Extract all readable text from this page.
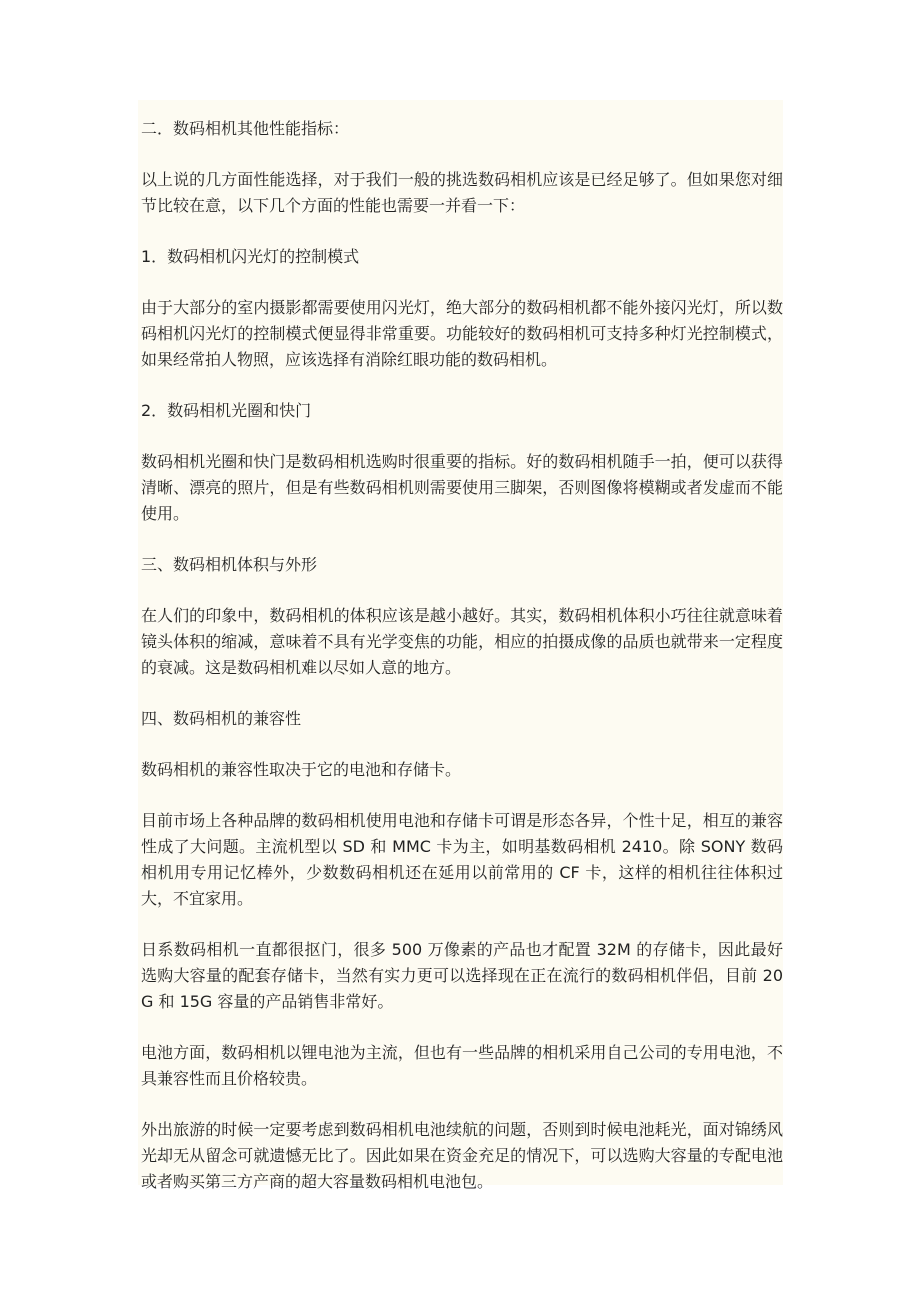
二．数码相机其他性能指标：

以上说的几方面性能选择，对于我们一般的挑选数码相机应该是已经足够了。但如果您对细节比较在意，以下几个方面的性能也需要一并看一下：

1．数码相机闪光灯的控制模式

由于大部分的室内摄影都需要使用闪光灯，绝大部分的数码相机都不能外接闪光灯，所以数码相机闪光灯的控制模式便显得非常重要。功能较好的数码相机可支持多种灯光控制模式，如果经常拍人物照，应该选择有消除红眼功能的数码相机。

2．数码相机光圈和快门

数码相机光圈和快门是数码相机选购时很重要的指标。好的数码相机随手一拍，便可以获得清晰、漂亮的照片，但是有些数码相机则需要使用三脚架，否则图像将模糊或者发虚而不能使用。

三、数码相机体积与外形

在人们的印象中，数码相机的体积应该是越小越好。其实，数码相机体积小巧往往就意味着镜头体积的缩减，意味着不具有光学变焦的功能，相应的拍摄成像的品质也就带来一定程度的衰减。这是数码相机难以尽如人意的地方。

四、数码相机的兼容性

数码相机的兼容性取决于它的电池和存储卡。

目前市场上各种品牌的数码相机使用电池和存储卡可谓是形态各异，个性十足，相互的兼容性成了大问题。主流机型以 SD 和 MMC 卡为主，如明基数码相机 2410。除 SONY 数码相机用专用记忆棒外，少数数码相机还在延用以前常用的 CF 卡，这样的相机往往体积过大，不宜家用。

日系数码相机一直都很抠门，很多 500 万像素的产品也才配置 32M 的存储卡，因此最好选购大容量的配套存储卡，当然有实力更可以选择现在正在流行的数码相机伴侣，目前 20G 和 15G 容量的产品销售非常好。

电池方面，数码相机以锂电池为主流，但也有一些品牌的相机采用自己公司的专用电池，不具兼容性而且价格较贵。

外出旅游的时候一定要考虑到数码相机电池续航的问题，否则到时候电池耗光，面对锦绣风光却无从留念可就遗憾无比了。因此如果在资金充足的情况下，可以选购大容量的专配电池或者购买第三方产商的超大容量数码相机电池包。
